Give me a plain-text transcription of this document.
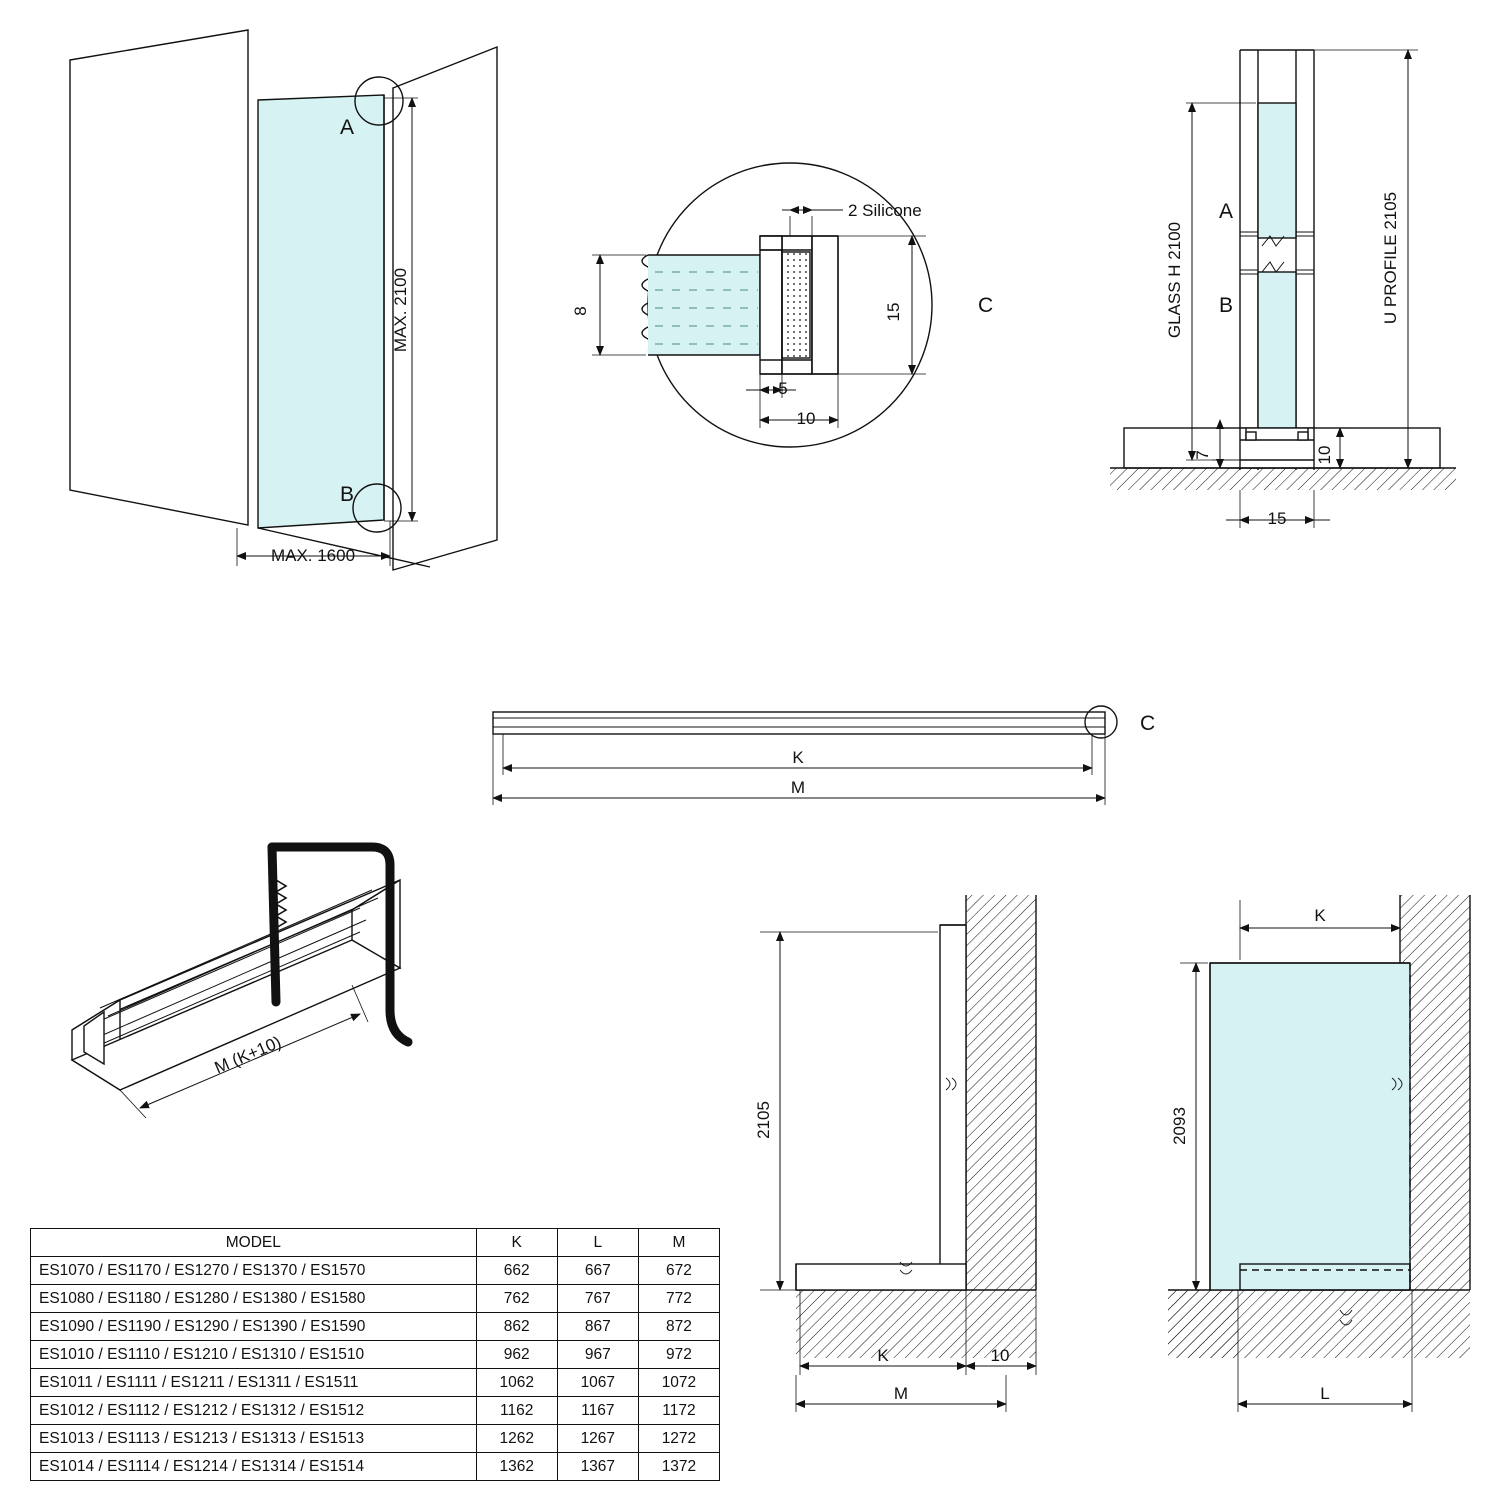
A
B
MAX. 2100
MAX. 1600
2 Silicone
8	15
5
10
C
A
B
GLASS H 2100	U PROFILE 2105
7	10
15
K
M
C
M (K+10)
2105
K	10
M
K
2093
L
MODEL	K	L	M
ES1070 / ES1170 / ES1270 / ES1370 / ES1570	662	667	672
ES1080 / ES1180 / ES1280 / ES1380 / ES1580	762	767	772
ES1090 / ES1190 / ES1290 / ES1390 / ES1590	862	867	872
ES1010 / ES1110 / ES1210 / ES1310 / ES1510	962	967	972
ES1011 / ES1111 / ES1211 / ES1311 / ES1511	1062	1067	1072
ES1012 / ES1112 / ES1212 / ES1312 / ES1512	1162	1167	1172
ES1013 / ES1113 / ES1213 / ES1313 / ES1513	1262	1267	1272
ES1014 / ES1114 / ES1214 / ES1314 / ES1514	1362	1367	1372
